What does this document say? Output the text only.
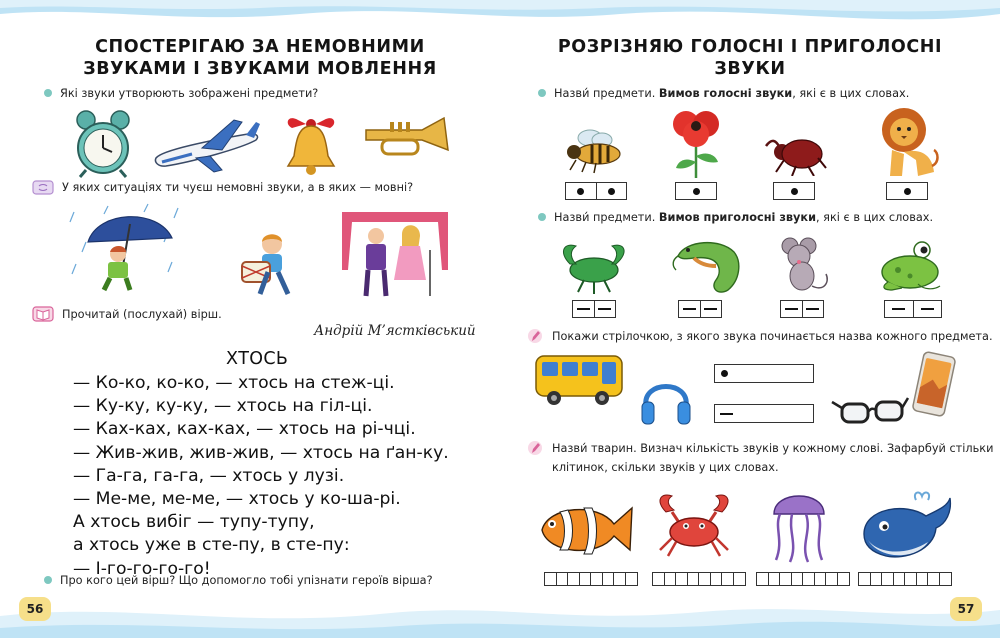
СПОСТЕРІГАЮ ЗА НЕМОВНИМИ
ЗВУКАМИ І ЗВУКАМИ МОВЛЕННЯ
Які звуки утворюють зображені предмети?
У яких ситуаціях ти чуєш немовні звуки, а в яких — мовні?
Прочитай (послухай) вірш.
Андрій М’ястківський
ХТОСЬ
— Ко-ко, ко-ко, — хтось на стеж-ці.
— Ку-ку, ку-ку, — хтось на гіл-ці.
— Ках-ках, ках-ках, — хтось на рі-чці.
— Жив-жив, жив-жив, — хтось на ґан-ку.
— Га-га, га-га, — хтось у лузі.
— Ме-ме, ме-ме, — хтось у ко-ша-рі.
А хтось вибіг — тупу-тупу,
а хтось уже в сте-пу, в сте-пу:
— І-го-го-го-го!
Про кого цей вірш? Що допомогло тобі упізнати героїв вірша?
56
РОЗРІЗНЯЮ ГОЛОСНІ І ПРИГОЛОСНІ
ЗВУКИ
Назви́ предмети. Вимов голосні звуки, які є в цих словах.
Назви́ предмети. Вимов приголосні звуки, які є в цих словах.
Покажи стрілочкою, з якого звука починається назва кожного предмета.
Назви́ тварин. Визнач кількість звуків у кожному слові. Зафарбуй стільки
клітинок, скільки звуків у цих словах.
57
